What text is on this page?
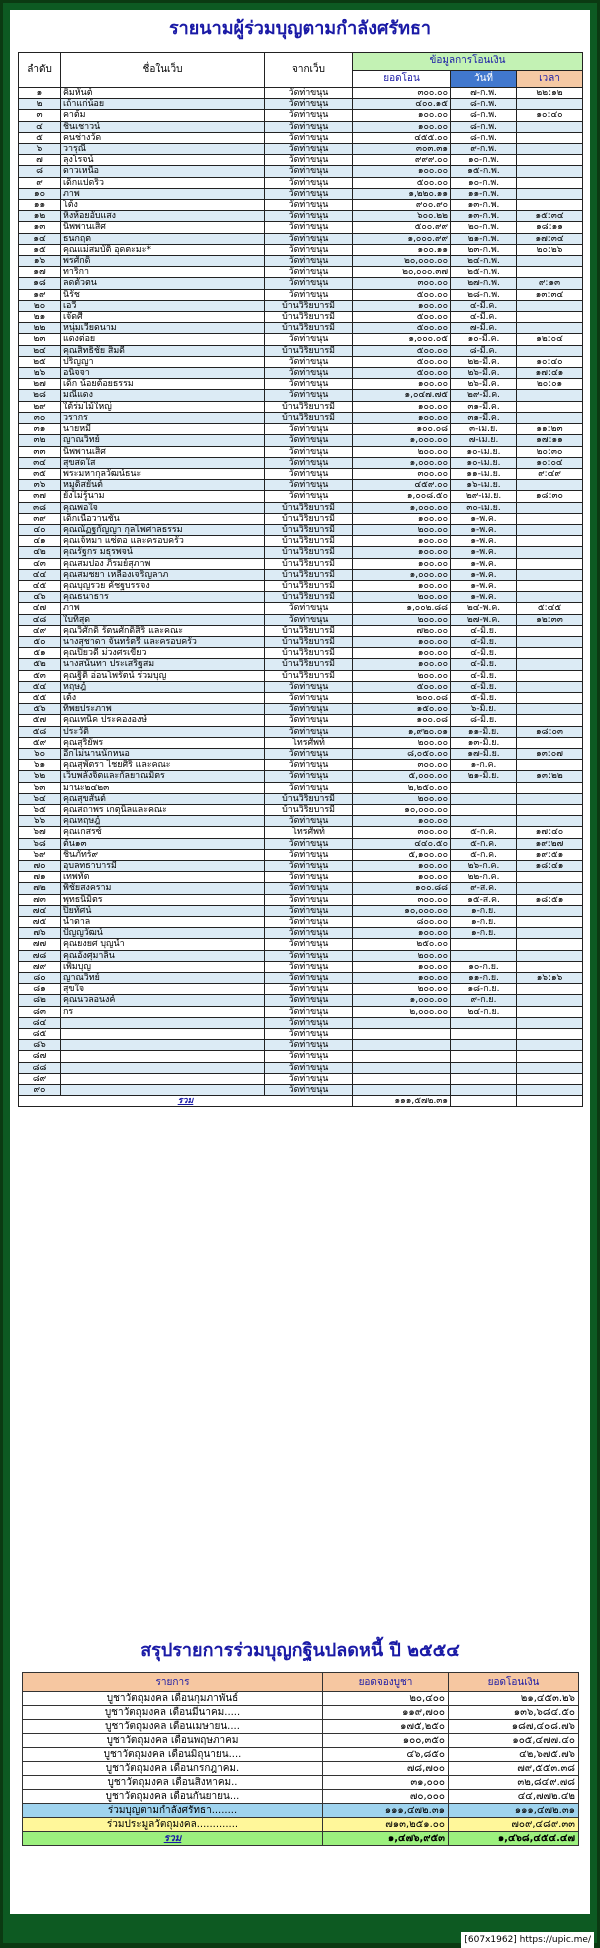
รายนามผู้ร่วมบุญตามกำลังศรัทธา
ลำดับ	ชื่อในเว็บ	จากเว็บ	ข้อมูลการโอนเงิน		
			ยอดโอน	วันที่	เวลา
๑	คิมหันต์	วัดท่าขนุน	๓๐๐.๐๐	๗-ก.พ.	๒๒:๑๒
๒	เถ้าแก่น้อย	วัดท่าขนุน	๔๐๐.๑๕	๘-ก.พ.	
๓	คาต้ม	วัดท่าขนุน	๑๐๐.๐๐	๘-ก.พ.	๑๐:๔๐
๔	ชินเชาวน์	วัดท่าขนุน	๑๐๐.๐๐	๘-ก.พ.	
๕	คนช่างวัด	วัดท่าขนุน	๔๕๕.๐๐	๘-ก.พ.	
๖	วารุณี	วัดท่าขนุน	๓๐๓.๓๑	๙-ก.พ.	
๗	ลุงโรจน์	วัดท่าขนุน	๙๙๙.๐๐	๑๐-ก.พ.	
๘	ดาวเหนือ	วัดท่าขนุน	๑๐๐.๐๐	๑๕-ก.พ.	
๙	เด็กแปดริ้ว	วัดท่าขนุน	๕๐๐.๐๐	๑๐-ก.พ.	
๑๐	ภาพ	วัดท่าขนุน	๑,๒๒๐.๑๑	๑๑-ก.พ.	
๑๑	โต้ง	วัดท่าขนุน	๙๐๐.๙๐	๑๓-ก.พ.	
๑๒	หิ่งห้อยอับแสง	วัดท่าขนุน	๖๐๐.๒๒	๑๓-ก.พ.	๑๕:๓๔
๑๓	นิพพานเสิศ	วัดท่าขนุน	๕๐๐.๙๙	๒๐-ก.พ.	๑๘:๑๑
๑๔	ธนกฤต	วัดท่าขนุน	๑,๐๐๐.๙๙	๒๑-ก.พ.	๑๗:๓๔
๑๕	คุณแม่สมบัติ อุดตะมะ*	วัดท่าขนุน	๑๐๐.๑๑	๒๓-ก.พ.	๒๐:๒๖
๑๖	พรศักดิ์	วัดท่าขนุน	๒๐,๐๐๐.๐๐	๒๔-ก.พ.	
๑๗	ทาริกา	วัดท่าขนุน	๒๐,๐๐๐.๓๗	๒๕-ก.พ.	
๑๘	ลดตัวตน	วัดท่าขนุน	๓๐๐.๐๐	๒๗-ก.พ.	๙:๑๓
๑๙	นิรัช	วัดท่าขนุน	๕๐๐.๐๐	๒๘-ก.พ.	๑๓:๓๔
๒๐	เอวี	บ้านวิริยบารมี	๑๐๐.๐๐	๔-มี.ค.	
๒๑	เจ๊ดศี	บ้านวิริยบารมี	๕๐๐.๐๐	๔-มี.ค.	
๒๒	หนุ่มเวียดนาม	บ้านวิริยบารมี	๕๐๐.๐๐	๗-มี.ค.	
๒๓	แดงต่อย	วัดท่าขนุน	๑,๐๐๐.๐๕	๑๐-มี.ค.	๑๒:๐๔
๒๔	คุณสิทธิชัย สิมดี	บ้านวิริยบารมี	๕๐๐.๐๐	๘-มี.ค.	
๒๕	ปริญญา	วัดท่าขนุน	๕๐๐.๐๐	๒๒-มี.ค.	๑๐:๔๐
๒๖	อนิจจา	วัดท่าขนุน	๕๐๐.๐๐	๒๖-มี.ค.	๑๗:๔๑
๒๗	เด็ก น้อยต้อยธรรม	วัดท่าขนุน	๑๐๐.๐๐	๒๖-มี.ค.	๒๐:๐๑
๒๘	มณีแดง	วัดท่าขนุน	๑,๐๔๗.๗๕	๒๙-มี.ค.	
๒๙	ใต้ร่มไม้ใหญ่	บ้านวิริยบารมี	๑๐๐.๐๐	๓๑-มี.ค.	
๓๐	วรากร	บ้านวิริยบารมี	๑๐๐.๐๐	๓๑-มี.ค.	
๓๑	นายหมี	วัดท่าขนุน	๑๐๐.๐๘	๓-เม.ย.	๑๑:๒๓
๓๒	ญาณวิทย์	วัดท่าขนุน	๑,๐๐๐.๐๐	๗-เม.ย.	๑๗:๑๑
๓๓	นิพพานเสิศ	วัดท่าขนุน	๒๐๐.๐๐	๑๐-เม.ย.	๒๐:๓๐
๓๔	สุขสดใส	วัดท่าขนุน	๑,๐๐๐.๐๐	๑๐-เม.ย.	๑๐:๐๔
๓๕	พระมหากุลวัฒน์ธนะ	วัดท่าขนุน	๓๐๐.๐๐	๑๑-เม.ย.	๙:๔๙
๓๖	หมูดิสยันต์	วัดท่าขนุน	๔๕๙.๐๐	๑๖-เม.ย.	
๓๗	ยังไม่รู้นาม	วัดท่าขนุน	๑,๐๐๘.๕๐	๒๙-เม.ย.	๑๘:๓๐
๓๘	คุณพอใจ	บ้านวิริยบารมี	๑,๐๐๐.๐๐	๓๐-เม.ย.	
๓๙	เด็กเนื้อวานชั้น	บ้านวิริยบารมี	๑๐๐.๐๐	๑-พ.ค.	
๔๐	คุณณัฏฐกัญญา กุลไพศาลธรรม	บ้านวิริยบารมี	๒๐๐.๐๐	๑-พ.ค.	
๔๑	คุณเจ้หมา แซ่ตอ และครอบครัว	บ้านวิริยบารมี	๑๐๐.๐๐	๑-พ.ค.	
๔๒	คุณรัฐกร มธุรพจน์	บ้านวิริยบารมี	๑๐๐.๐๐	๑-พ.ค.	
๔๓	คุณสมปอง ภิรมย์สุภาพ	บ้านวิริยบารมี	๑๐๐.๐๐	๑-พ.ค.	
๔๔	คุณสมชยา เหลืองเจริญลาภ	บ้านวิริยบารมี	๑,๐๐๐.๐๐	๑-พ.ค.	
๔๕	คุณบุญรวย คัชฐบรรจง	บ้านวิริยบารมี	๑๐๐.๐๐	๑-พ.ค.	
๔๖	คุณธนาธาร	บ้านวิริยบารมี	๒๐๐.๐๐	๑-พ.ค.	
๔๗	ภาพ	วัดท่าขนุน	๑,๐๐๒.๘๘	๒๔-พ.ค.	๕:๔๕
๔๘	ใบทิสุด	วัดท่าขนุน	๒๐๐.๐๐	๒๗-พ.ค.	๑๒:๓๓
๔๙	คุณวิศักดิ์ รัตนศักดิ์สิริ และคณะ	บ้านวิริยบารมี	๗๒๐.๐๐	๔-มิ.ย.	
๕๐	นางสุชาดา จันทร์ตรี และครอบครัว	บ้านวิริยบารมี	๑๐๐.๐๐	๔-มิ.ย.	
๕๑	คุณปิยวดี ม่วงศรเขียว	บ้านวิริยบารมี	๑๐๐.๐๐	๔-มิ.ย.	
๕๒	นางสนันทา ประเสริฐสม	บ้านวิริยบารมี	๑๐๐.๐๐	๔-มิ.ย.	
๕๓	คุณฐิติ อ่อนโพรัตน์ ร่วมบุญ	บ้านวิริยบารมี	๒๐๐.๐๐	๔-มิ.ย.	
๕๔	หฤษฎ์	วัดท่าขนุน	๕๐๐.๐๐	๔-มิ.ย.	
๕๕	เต้ง	วัดท่าขนุน	๒๐๐.๐๘	๕-มิ.ย.	
๕๖	ทิพยประภาพ	วัดท่าขนุน	๑๕๐.๐๐	๖-มิ.ย.	
๕๗	คุณเทนิค ประคององษ์	วัดท่าขนุน	๑๐๐.๐๘	๘-มิ.ย.	
๕๘	ประวัติ	วัดท่าขนุน	๑,๙๒๐.๐๑	๑๑-มิ.ย.	๑๘:๐๓
๕๙	คุณสุริยัพร	โทรศัพท์	๒๐๐.๐๐	๑๓-มิ.ย.	
๖๐	อีกไม่นานนักหนอ	วัดท่าขนุน	๘,๐๕๐.๐๐	๑๗-มิ.ย.	๑๓:๐๗
๖๑	คุณสุพัตรา ไชยศิริ และคณะ	วัดท่าขนุน	๓๐๐.๐๐	๑-ก.ค.	
๖๒	เว็บพลังจิตและกัลยาณมิตร	วัดท่าขนุน	๕,๐๐๐.๐๐	๒๑-มิ.ย.	๑๓:๒๒
๖๓	มานะ๒๔๒๓	วัดท่าขนุน	๒,๒๕๐.๐๐		
๖๔	คุณสุขสันต์	บ้านวิริยบารมี	๒๐๐.๐๐		
๖๕	คุณสถาพร เกตุนิลและคณะ	บ้านวิริยบารมี	๑๐,๐๐๐.๐๐		
๖๖	คุณหฤษฎ์	วัดท่าขนุน	๑๐๐.๐๐		
๖๗	คุณเกสรซ์	โทรศัพท์	๓๐๐.๐๐	๕-ก.ค.	๑๗:๔๐
๖๘	ต้น๑๓	วัดท่าขนุน	๔๔๐.๕๐	๕-ก.ค.	๑๙:๒๗
๖๙	ชินภัทร์๙	วัดท่าขนุน	๕,๑๐๐.๐๐	๕-ก.ค.	๑๙:๕๑
๗๐	อุบลทธาบารมี	วัดท่าขนุน	๑๐๐.๐๐	๒๖-ก.ค.	๑๘:๔๑
๗๑	เทพทัต	วัดท่าขนุน	๑๐๐.๐๐	๒๒-ก.ค.	
๗๒	พิชัยสงคราม	วัดท่าขนุน	๑๐๐.๘๘	๙-ส.ค.	
๗๓	พุทธนิมิตร	วัดท่าขนุน	๓๐๐.๐๐	๑๕-ส.ค.	๑๘:๕๑
๗๔	ปิยทัศน์	วัดท่าขนุน	๑๐,๐๐๐.๐๐	๑-ก.ย.	
๗๕	น้ำตาล	วัดท่าขนุน	๘๐๐.๐๐	๑-ก.ย.	
๗๖	ปัญญวัฒน์	วัดท่าขนุน	๑๐๐.๐๐	๑-ก.ย.	
๗๗	คุณยงยศ บุญนำ	วัดท่าขนุน	๒๕๐.๐๐		
๗๘	คุณอังศุมาลิน	วัดท่าขนุน	๒๐๐.๐๐		
๗๙	เพิ่มบุญ	วัดท่าขนุน	๑๐๐.๐๐	๑๐-ก.ย.	
๘๐	ญาณวิทย์	วัดท่าขนุน	๑๐๐.๐๐	๑๑-ก.ย.	๑๖:๑๖
๘๑	สุขใจ	วัดท่าขนุน	๒๐๐.๐๐	๑๘-ก.ย.	
๘๒	คุณนวลอนงค์	วัดท่าขนุน	๑,๐๐๐.๐๐	๙-ก.ย.	
๘๓	กร	วัดท่าขนุน	๒,๐๐๐.๐๐	๒๔-ก.ย.	
๘๔		วัดท่าขนุน			
๘๕		วัดท่าขนุน			
๘๖		วัดท่าขนุน			
๘๗		วัดท่าขนุน			
๘๘		วัดท่าขนุน			
๘๙		วัดท่าขนุน			
๙๐		วัดท่าขนุน			
รวม			๑๑๑,๕๗๒.๓๑		
สรุปรายการร่วมบุญกฐินปลดหนี้ ปี ๒๕๕๔
รายการ	ยอดจองบูชา	ยอดโอนเงิน
บูชาวัตถุมงคล เดือนกุมภาพันธ์	๒๐,๔๐๐	๒๑,๔๕๓.๒๖
บูชาวัตถุมงคล เดือนมีนาคม.....	๑๑๙,๗๐๐	๑๓๖,๖๘๔.๕๐
บูชาวัตถุมงคล เดือนเมษายน....	๑๗๕,๒๕๐	๑๘๗,๔๐๘.๗๖
บูชาวัตถุมงคล เดือนพฤษภาคม	๑๐๐,๓๕๐	๑๐๕,๔๗๗.๔๐
บูชาวัตถุมงคล เดือนมิถุนายน....	๔๖,๘๕๐	๔๒,๖๗๕.๗๖
บูชาวัตถุมงคล เดือนกรกฎาคม.	๗๘,๗๐๐	๗๙,๕๕๓.๓๘
บูชาวัตถุมงคล เดือนสิงหาคม..	๓๑,๐๐๐	๓๒,๘๔๙.๗๘
บูชาวัตถุมงคล เดือนกันยายน...	๗๐,๐๐๐	๔๔,๗๗๒.๔๒
ร่วมบุญตามกำลังศรัทธา........	๑๑๑,๔๗๒.๓๑	๑๑๑,๔๗๒.๓๑
ร่วมประมูลวัตถุมงคล.............	๗๑๓,๒๕๑.๐๐	๗๐๙,๔๘๙.๓๓
รวม	๑,๔๗๖,๙๕๓	๑,๔๖๘,๔๕๔.๔๗
[607x1962] https://upic.me/
